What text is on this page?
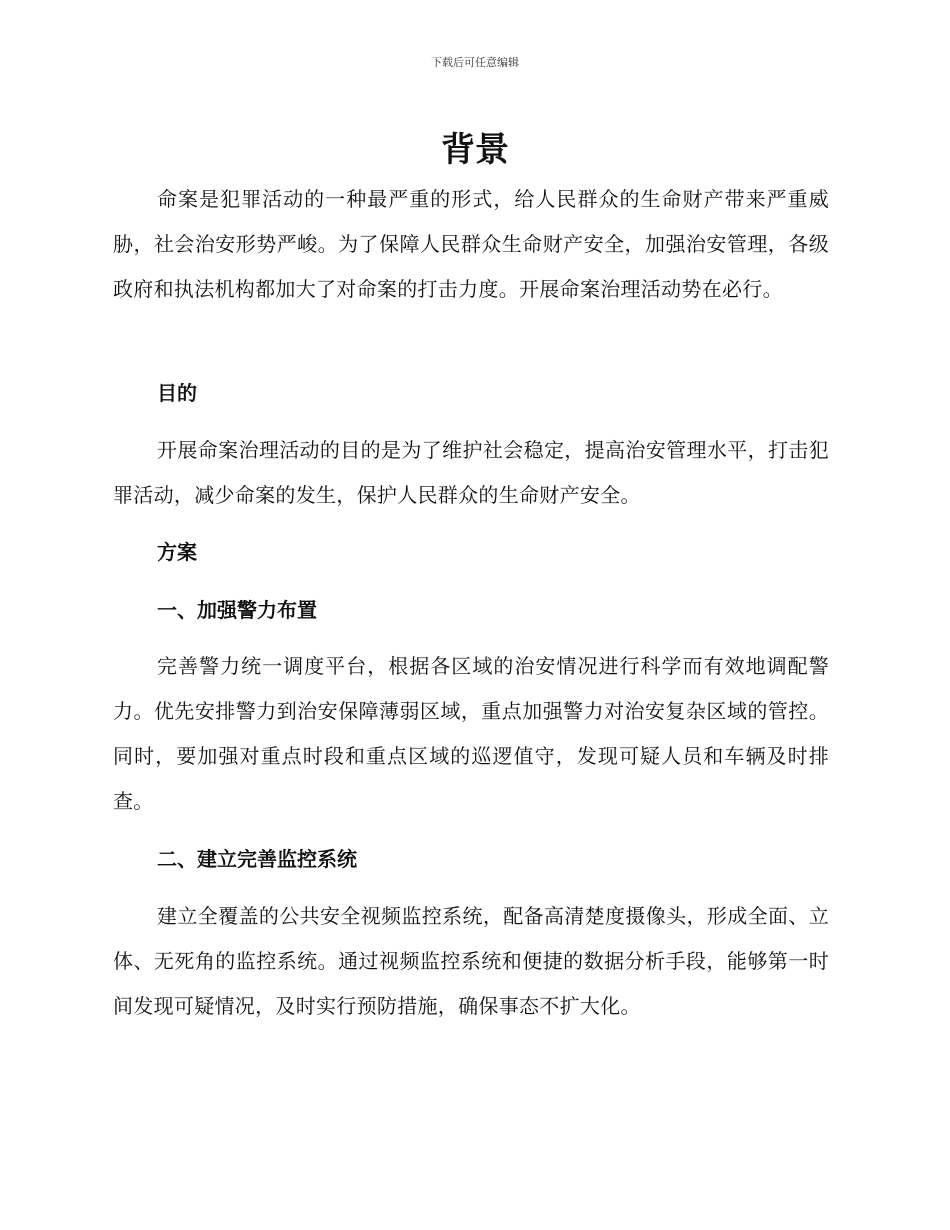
下载后可任意编辑
背景

命案是犯罪活动的一种最严重的形式，给人民群众的生命财产带来严重威胁，社会治安形势严峻。为了保障人民群众生命财产安全，加强治安管理，各级政府和执法机构都加大了对命案的打击力度。开展命案治理活动势在必行。

目的

开展命案治理活动的目的是为了维护社会稳定，提高治安管理水平，打击犯罪活动，减少命案的发生，保护人民群众的生命财产安全。

方案
一、加强警力布置

完善警力统一调度平台，根据各区域的治安情况进行科学而有效地调配警力。优先安排警力到治安保障薄弱区域，重点加强警力对治安复杂区域的管控。同时，要加强对重点时段和重点区域的巡逻值守，发现可疑人员和车辆及时排查。

二、建立完善监控系统

建立全覆盖的公共安全视频监控系统，配备高清楚度摄像头，形成全面、立体、无死角的监控系统。通过视频监控系统和便捷的数据分析手段，能够第一时间发现可疑情况，及时实行预防措施，确保事态不扩大化。
